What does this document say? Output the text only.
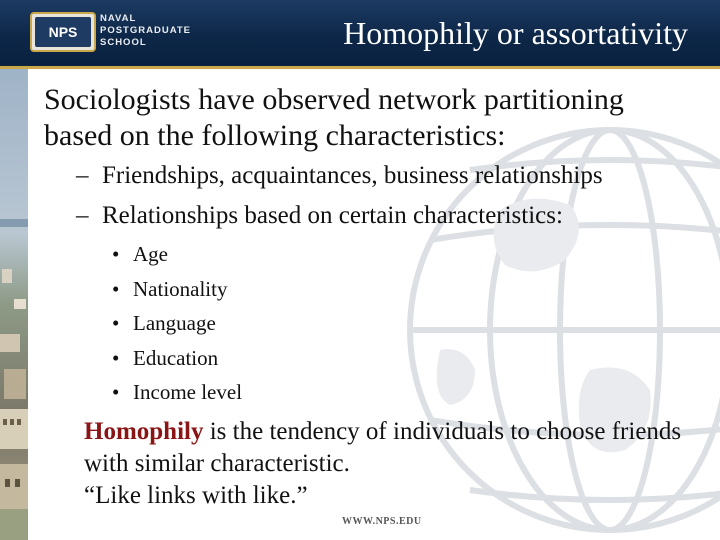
NPS
NAVAL
POSTGRADUATE
SCHOOL	Homophily or assortativity
Sociologists have observed network partitioning based on the following characteristics:
– Friendships, acquaintances, business relationships
– Relationships based on certain characteristics:
• Age
• Nationality
• Language
• Education
• Income level
Homophily is the tendency of individuals to choose friends with similar characteristic.
“Like links with like.”
WWW.NPS.EDU
